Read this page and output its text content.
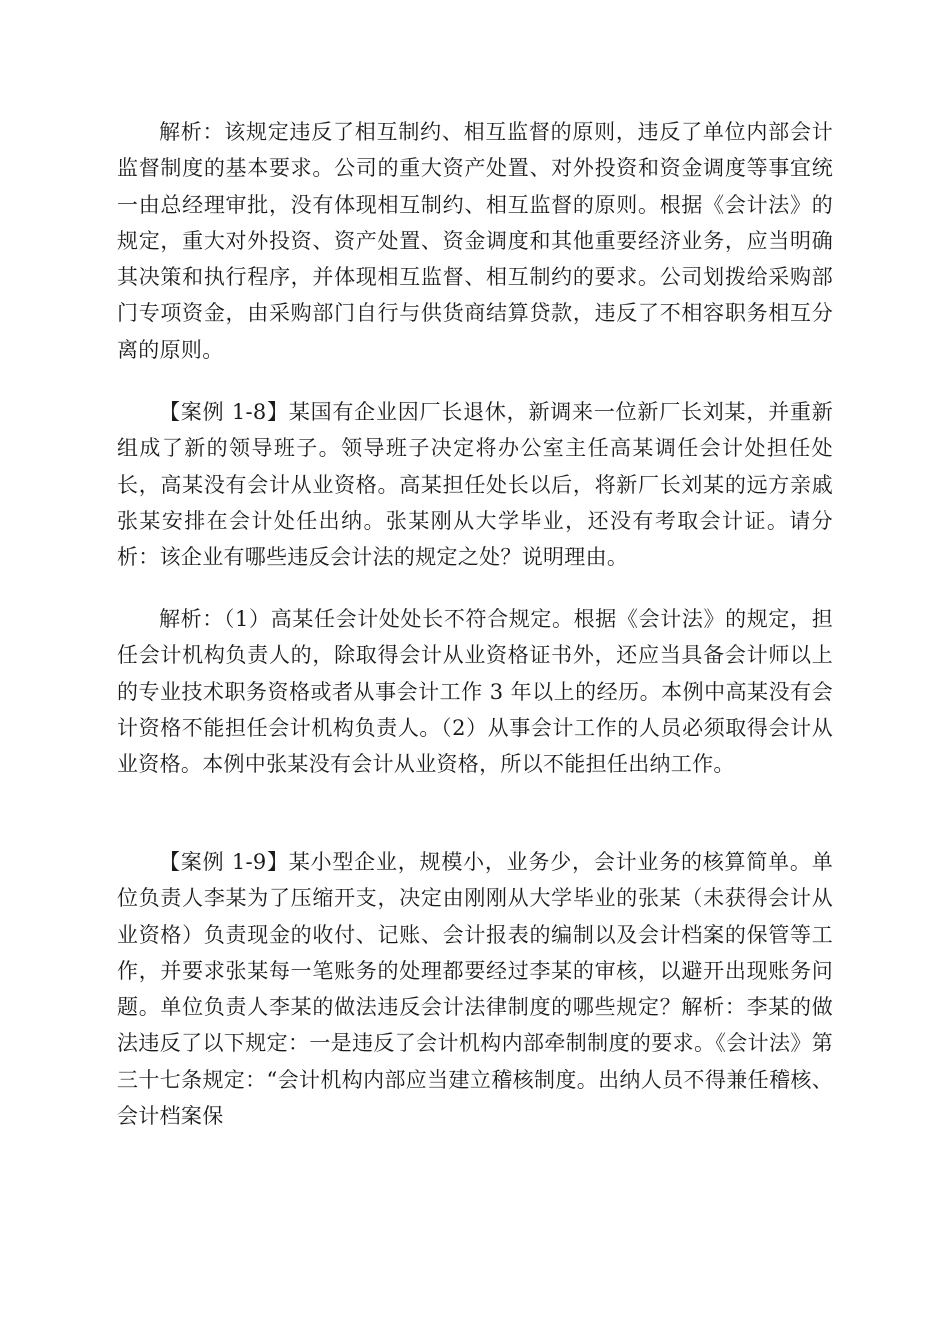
解析：该规定违反了相互制约、相互监督的原则，违反了单位内部会计监督制度的基本要求。公司的重大资产处置、对外投资和资金调度等事宜统一由总经理审批，没有体现相互制约、相互监督的原则。根据《会计法》的规定，重大对外投资、资产处置、资金调度和其他重要经济业务，应当明确其决策和执行程序，并体现相互监督、相互制约的要求。公司划拨给采购部门专项资金，由采购部门自行与供货商结算贷款，违反了不相容职务相互分离的原则。

【案例 1-8】某国有企业因厂长退休，新调来一位新厂长刘某，并重新组成了新的领导班子。领导班子决定将办公室主任高某调任会计处担任处长，高某没有会计从业资格。高某担任处长以后，将新厂长刘某的远方亲戚张某安排在会计处任出纳。张某刚从大学毕业，还没有考取会计证。请分析：该企业有哪些违反会计法的规定之处？说明理由。

解析：（1）高某任会计处处长不符合规定。根据《会计法》的规定，担任会计机构负责人的，除取得会计从业资格证书外，还应当具备会计师以上的专业技术职务资格或者从事会计工作 3 年以上的经历。本例中高某没有会计资格不能担任会计机构负责人。（2）从事会计工作的人员必须取得会计从业资格。本例中张某没有会计从业资格，所以不能担任出纳工作。

【案例 1-9】某小型企业，规模小，业务少，会计业务的核算简单。单位负责人李某为了压缩开支，决定由刚刚从大学毕业的张某（未获得会计从业资格）负责现金的收付、记账、会计报表的编制以及会计档案的保管等工作，并要求张某每一笔账务的处理都要经过李某的审核，以避开出现账务问题。单位负责人李某的做法违反会计法律制度的哪些规定？解析：李某的做法违反了以下规定：一是违反了会计机构内部牵制制度的要求。《会计法》第三十七条规定：“会计机构内部应当建立稽核制度。出纳人员不得兼任稽核、会计档案保
